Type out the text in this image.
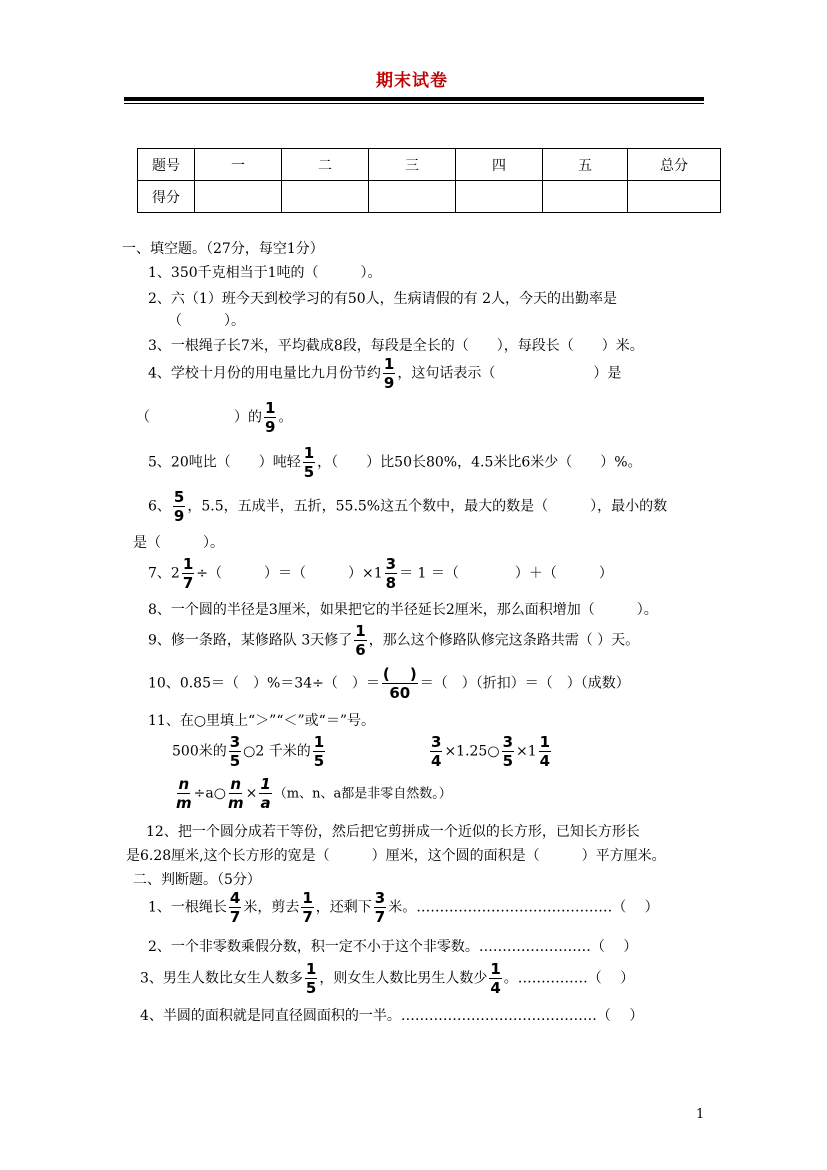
期末试卷
题号	一	二	三	四	五	总分
得分						
一、填空题。（27分，每空1分）
1、350千克相当于1吨的（　　　）。
2、六（1）班今天到校学习的有50人，生病请假的有 2人，今天的出勤率是
（　　　）。
3、一根绳子长7米，平均截成8段，每段是全长的（　　），每段长（　　）米。
4、学校十月份的用电量比九月份节约 $\frac{1}{9}$ ，这句话表示（　　　　　　　）是
（　　　　　　）的 $\frac{1}{9}$ 。
5、20吨比（　　）吨轻 $\frac{1}{5}$ ，（　　）比50长80%，4.5米比6米少（　　）%。
6、 $\frac{5}{9}$ ，5.5，五成半，五折，55.5%这五个数中，最大的数是（　　　），最小的数
是（　　　）。
7、$2 \frac{1}{7}$ ÷（　　　）＝（　　　）$\times 1 \frac{3}{8} = 1$ ＝（　　　　）＋（　　　）
8、一个圆的半径是3厘米，如果把它的半径延长2厘米，那么面积增加（　　　）。
9、修一条路，某修路队 3天修了 $\frac{1}{6}$ ，那么这个修路队修完这条路共需（ ）天。
10、0.85＝（　）%＝34÷（　）＝ $\frac{( )}{60}$ ＝（　）（折扣）＝（　）（成数）
11、在○里填上“＞”“＜”或“＝”号。
500米的 $\frac{3}{5}$ ○2 千米的 $\frac{1}{5}$	$\frac{3}{4}$ ×1.25○ $\frac{3}{5} \times 1 \frac{1}{4}$
$\frac{n}{m}$ ÷a○ $\frac{n}{m} \times \frac{1}{a} (m$、n、a都是非零自然数。）
12、把一个圆分成若干等份，然后把它剪拼成一个近似的长方形，已知长方形长
是6.28厘米,这个长方形的宽是（　　　）厘米，这个圆的面积是（　　　）平方厘米。
二、判断题。（5分）
1、一根绳长 $\frac{4}{7}$ 米，剪去 $\frac{1}{7}$ ，还剩下 $\frac{3}{7}$ 米。……………………………………（　 ）
2、一个非零数乘假分数，积一定不小于这个非零数。……………………（　 ）
3、男生人数比女生人数多 $\frac{1}{5}$ ，则女生人数比男生人数少 $\frac{1}{4}$ 。……………（　 ）
4、半圆的面积就是同直径圆面积的一半。……………………………………（　 ）
1
